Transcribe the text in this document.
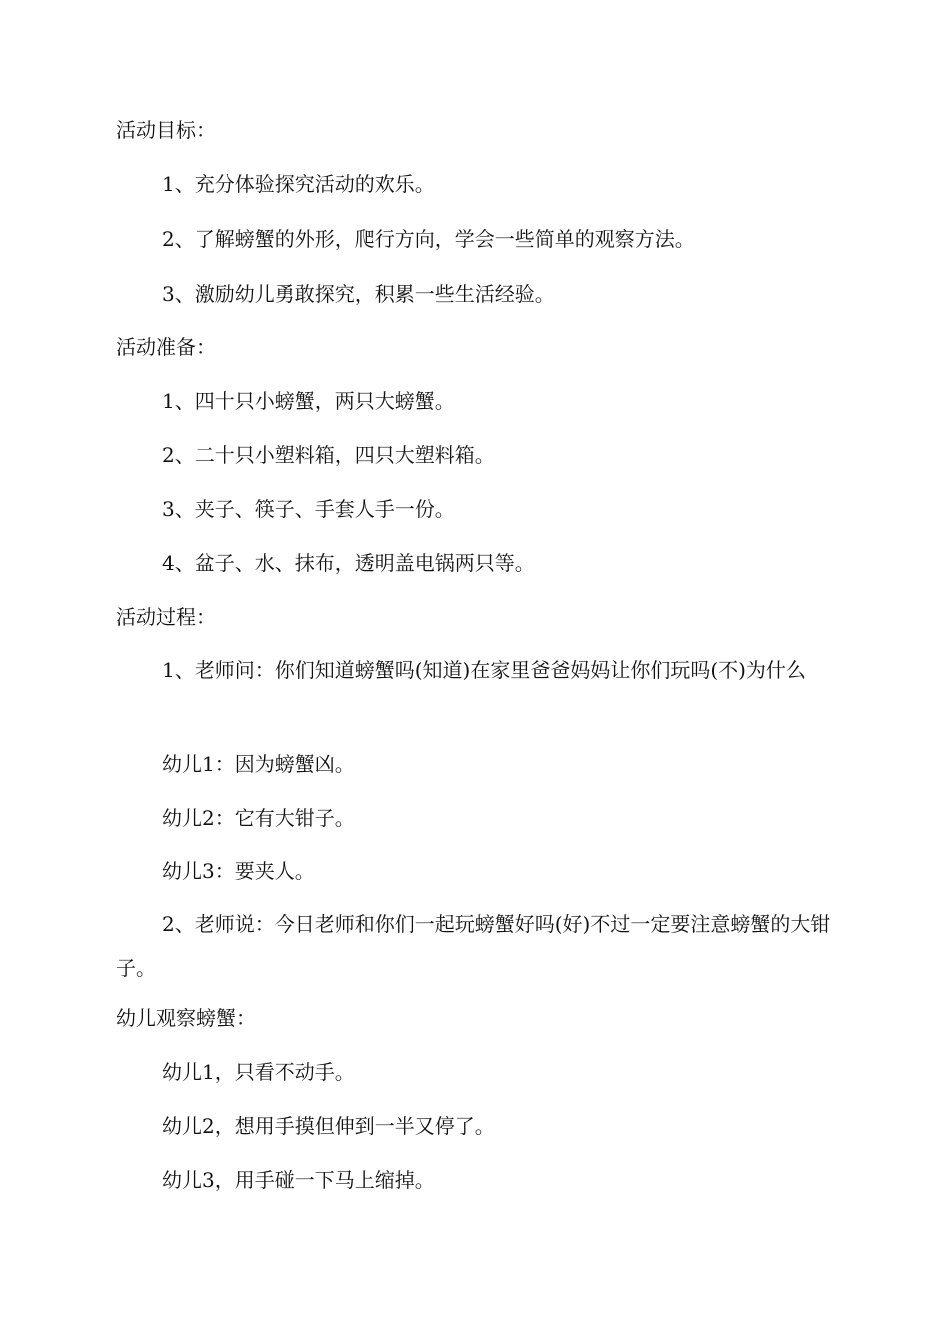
活动目标：

1、充分体验探究活动的欢乐。

2、了解螃蟹的外形，爬行方向，学会一些简单的观察方法。

3、激励幼儿勇敢探究，积累一些生活经验。

活动准备：

1、四十只小螃蟹，两只大螃蟹。

2、二十只小塑料箱，四只大塑料箱。

3、夹子、筷子、手套人手一份。

4、盆子、水、抹布，透明盖电锅两只等。

活动过程：

1、老师问：你们知道螃蟹吗(知道)在家里爸爸妈妈让你们玩吗(不)为什么

幼儿1：因为螃蟹凶。

幼儿2：它有大钳子。

幼儿3：要夹人。

2、老师说：今日老师和你们一起玩螃蟹好吗(好)不过一定要注意螃蟹的大钳子。

幼儿观察螃蟹：

幼儿1，只看不动手。

幼儿2，想用手摸但伸到一半又停了。

幼儿3，用手碰一下马上缩掉。
